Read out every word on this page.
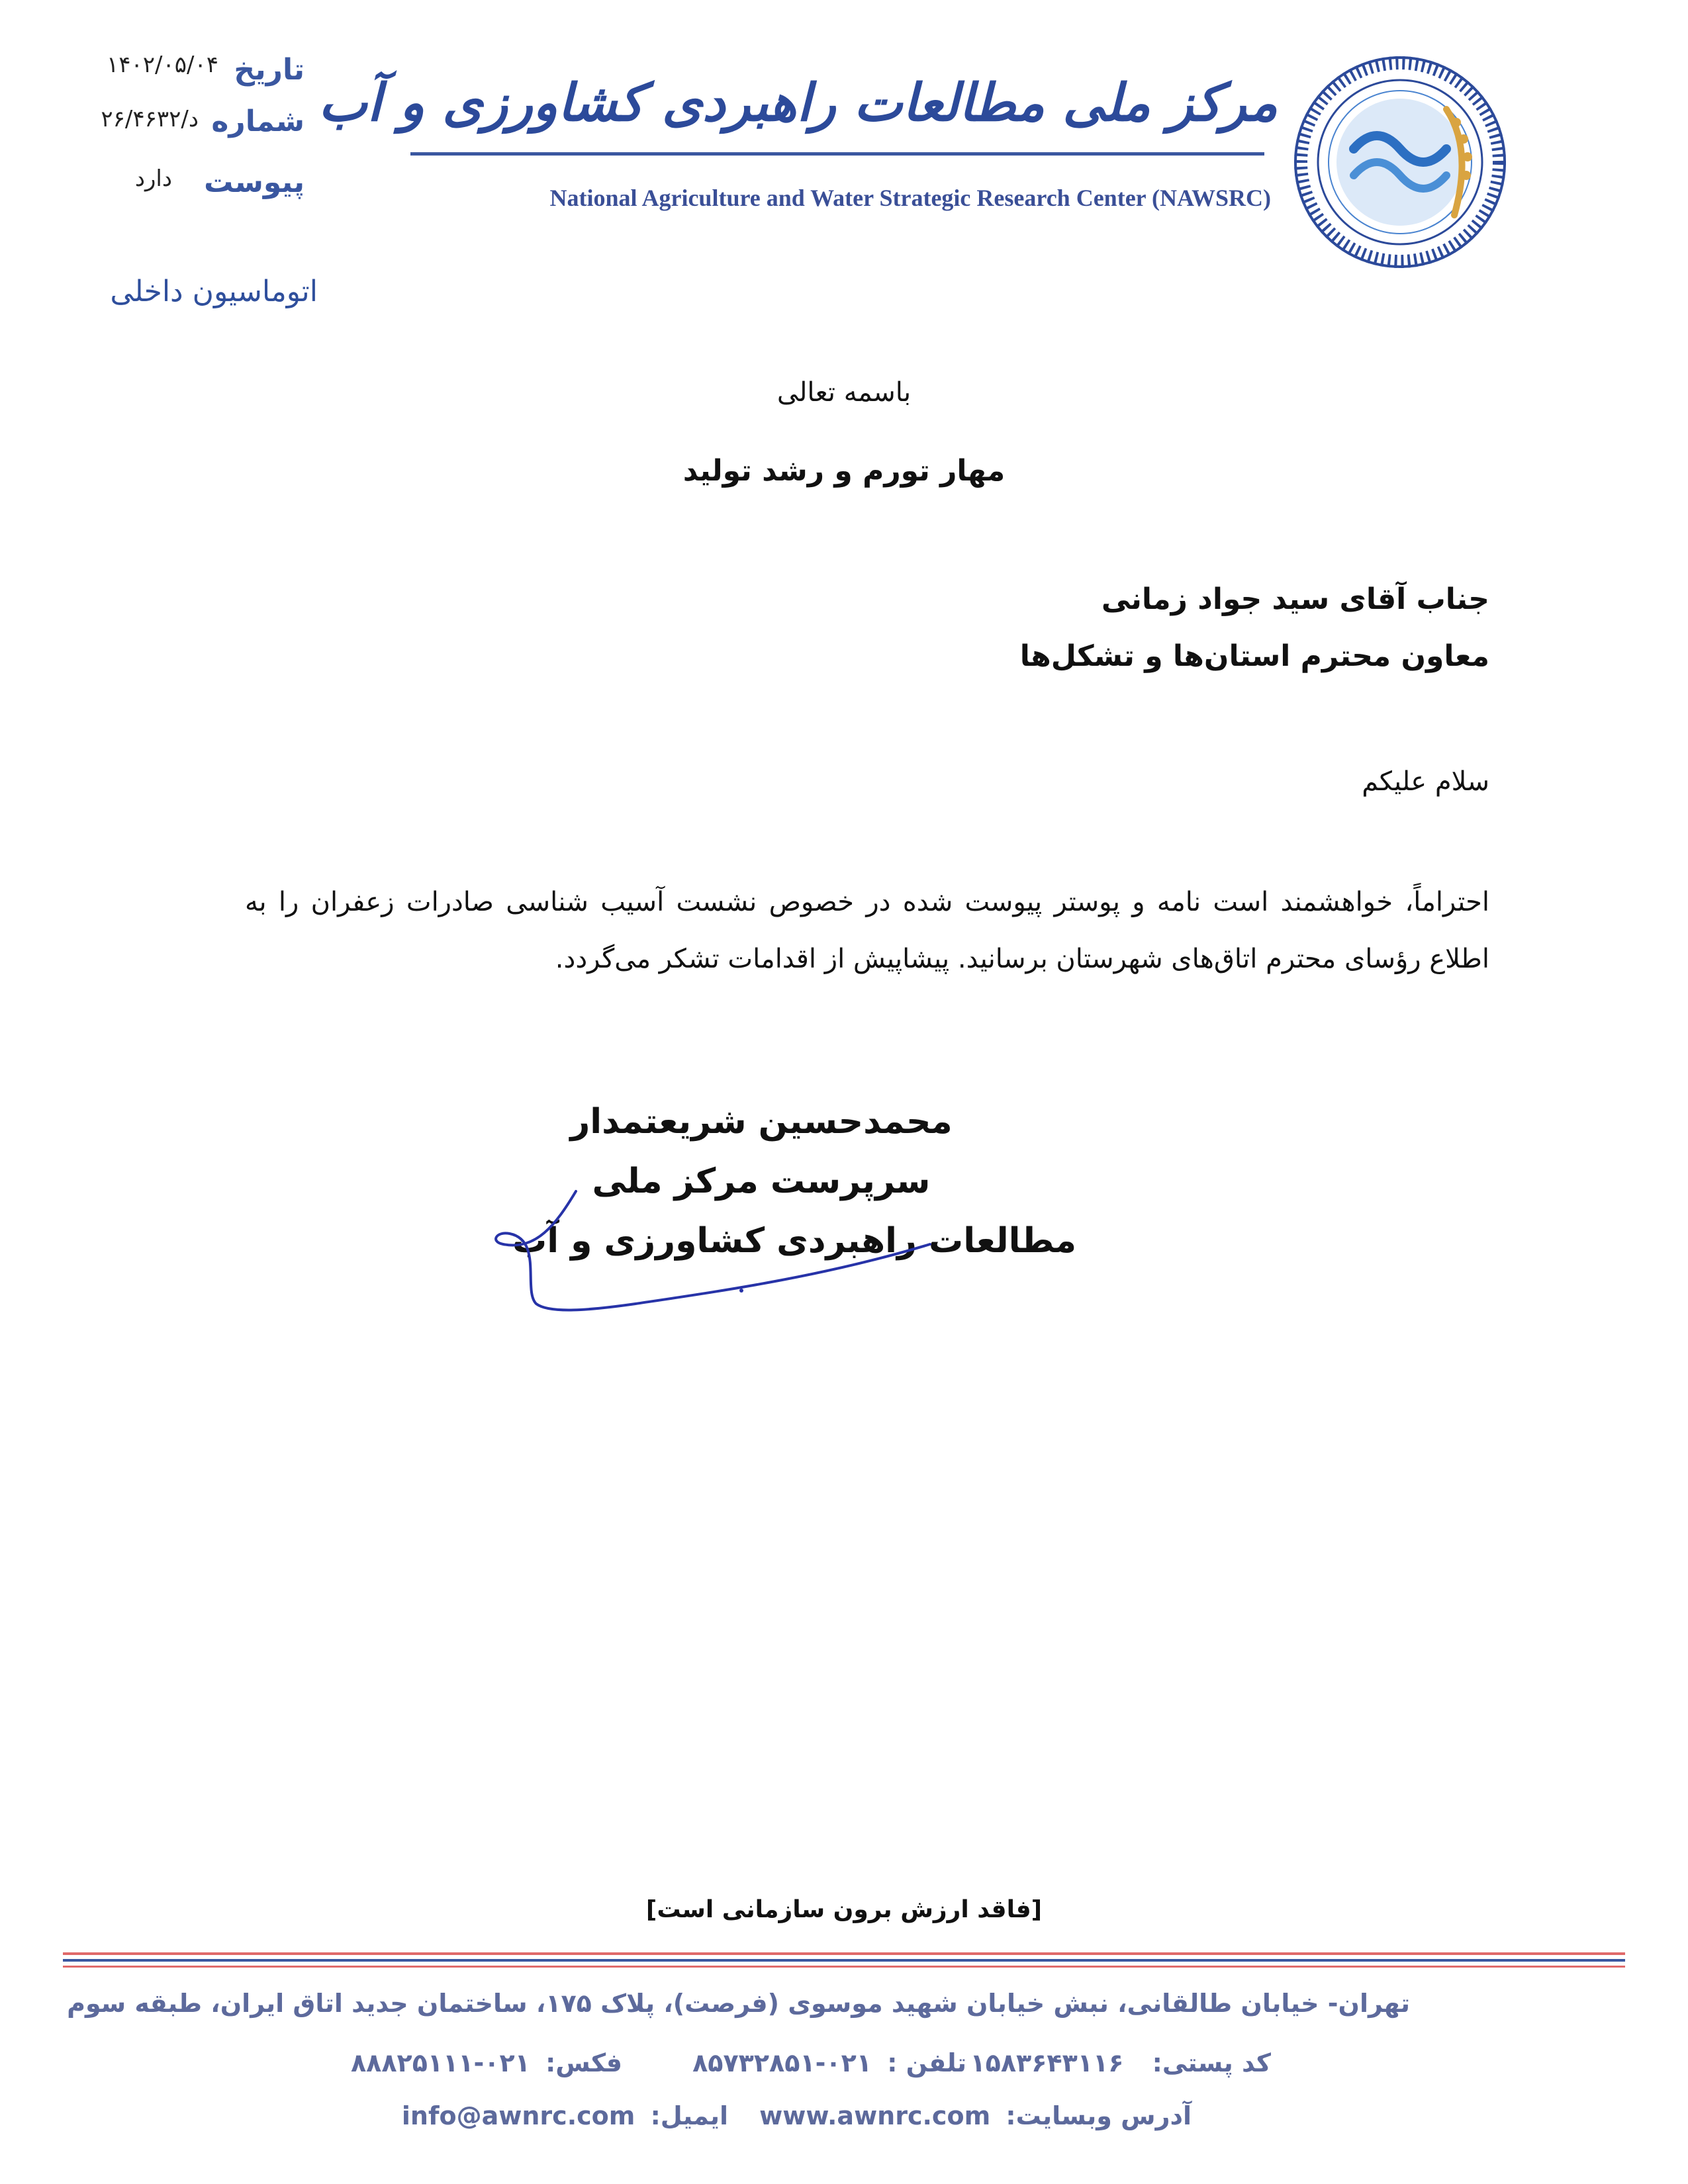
تاریخ
۱۴۰۲/۰۵/۰۴
شماره
د/۲۶/۴۶۳۲
پیوست
دارد
اتوماسیون داخلی
مرکز ملی مطالعات راهبردی کشاورزی و آب
National Agriculture and Water Strategic Research Center (NAWSRC)
باسمه تعالی
مهار تورم و رشد تولید
جناب آقای سید جواد زمانی
معاون محترم استان‌ها و تشکل‌ها
سلام علیکم
احتراماً، خواهشمند است نامه و پوستر پیوست شده در خصوص نشست آسیب شناسی صادرات زعفران را به اطلاع رؤسای محترم اتاق‌های شهرستان برسانید. پیشاپیش از اقدامات تشکر می‌گردد.
محمدحسین شریعتمدار
سرپرست مرکز ملی
مطالعات راهبردی کشاورزی و آب
[فاقد ارزش برون سازمانی است]
تهران- خیابان طالقانی، نبش خیابان شهید موسوی (فرصت)، پلاک ۱۷۵، ساختمان جدید اتاق ایران، طبقه سوم
کد پستی: ۱۵۸۳۶۴۳۱۱۶
تلفن : ۰۲۱-۸۵۷۳۲۸۵۱
فکس: ۰۲۱-۸۸۸۲۵۱۱۱
آدرس وبسایت: www.awnrc.com
ایمیل: info@awnrc.com
